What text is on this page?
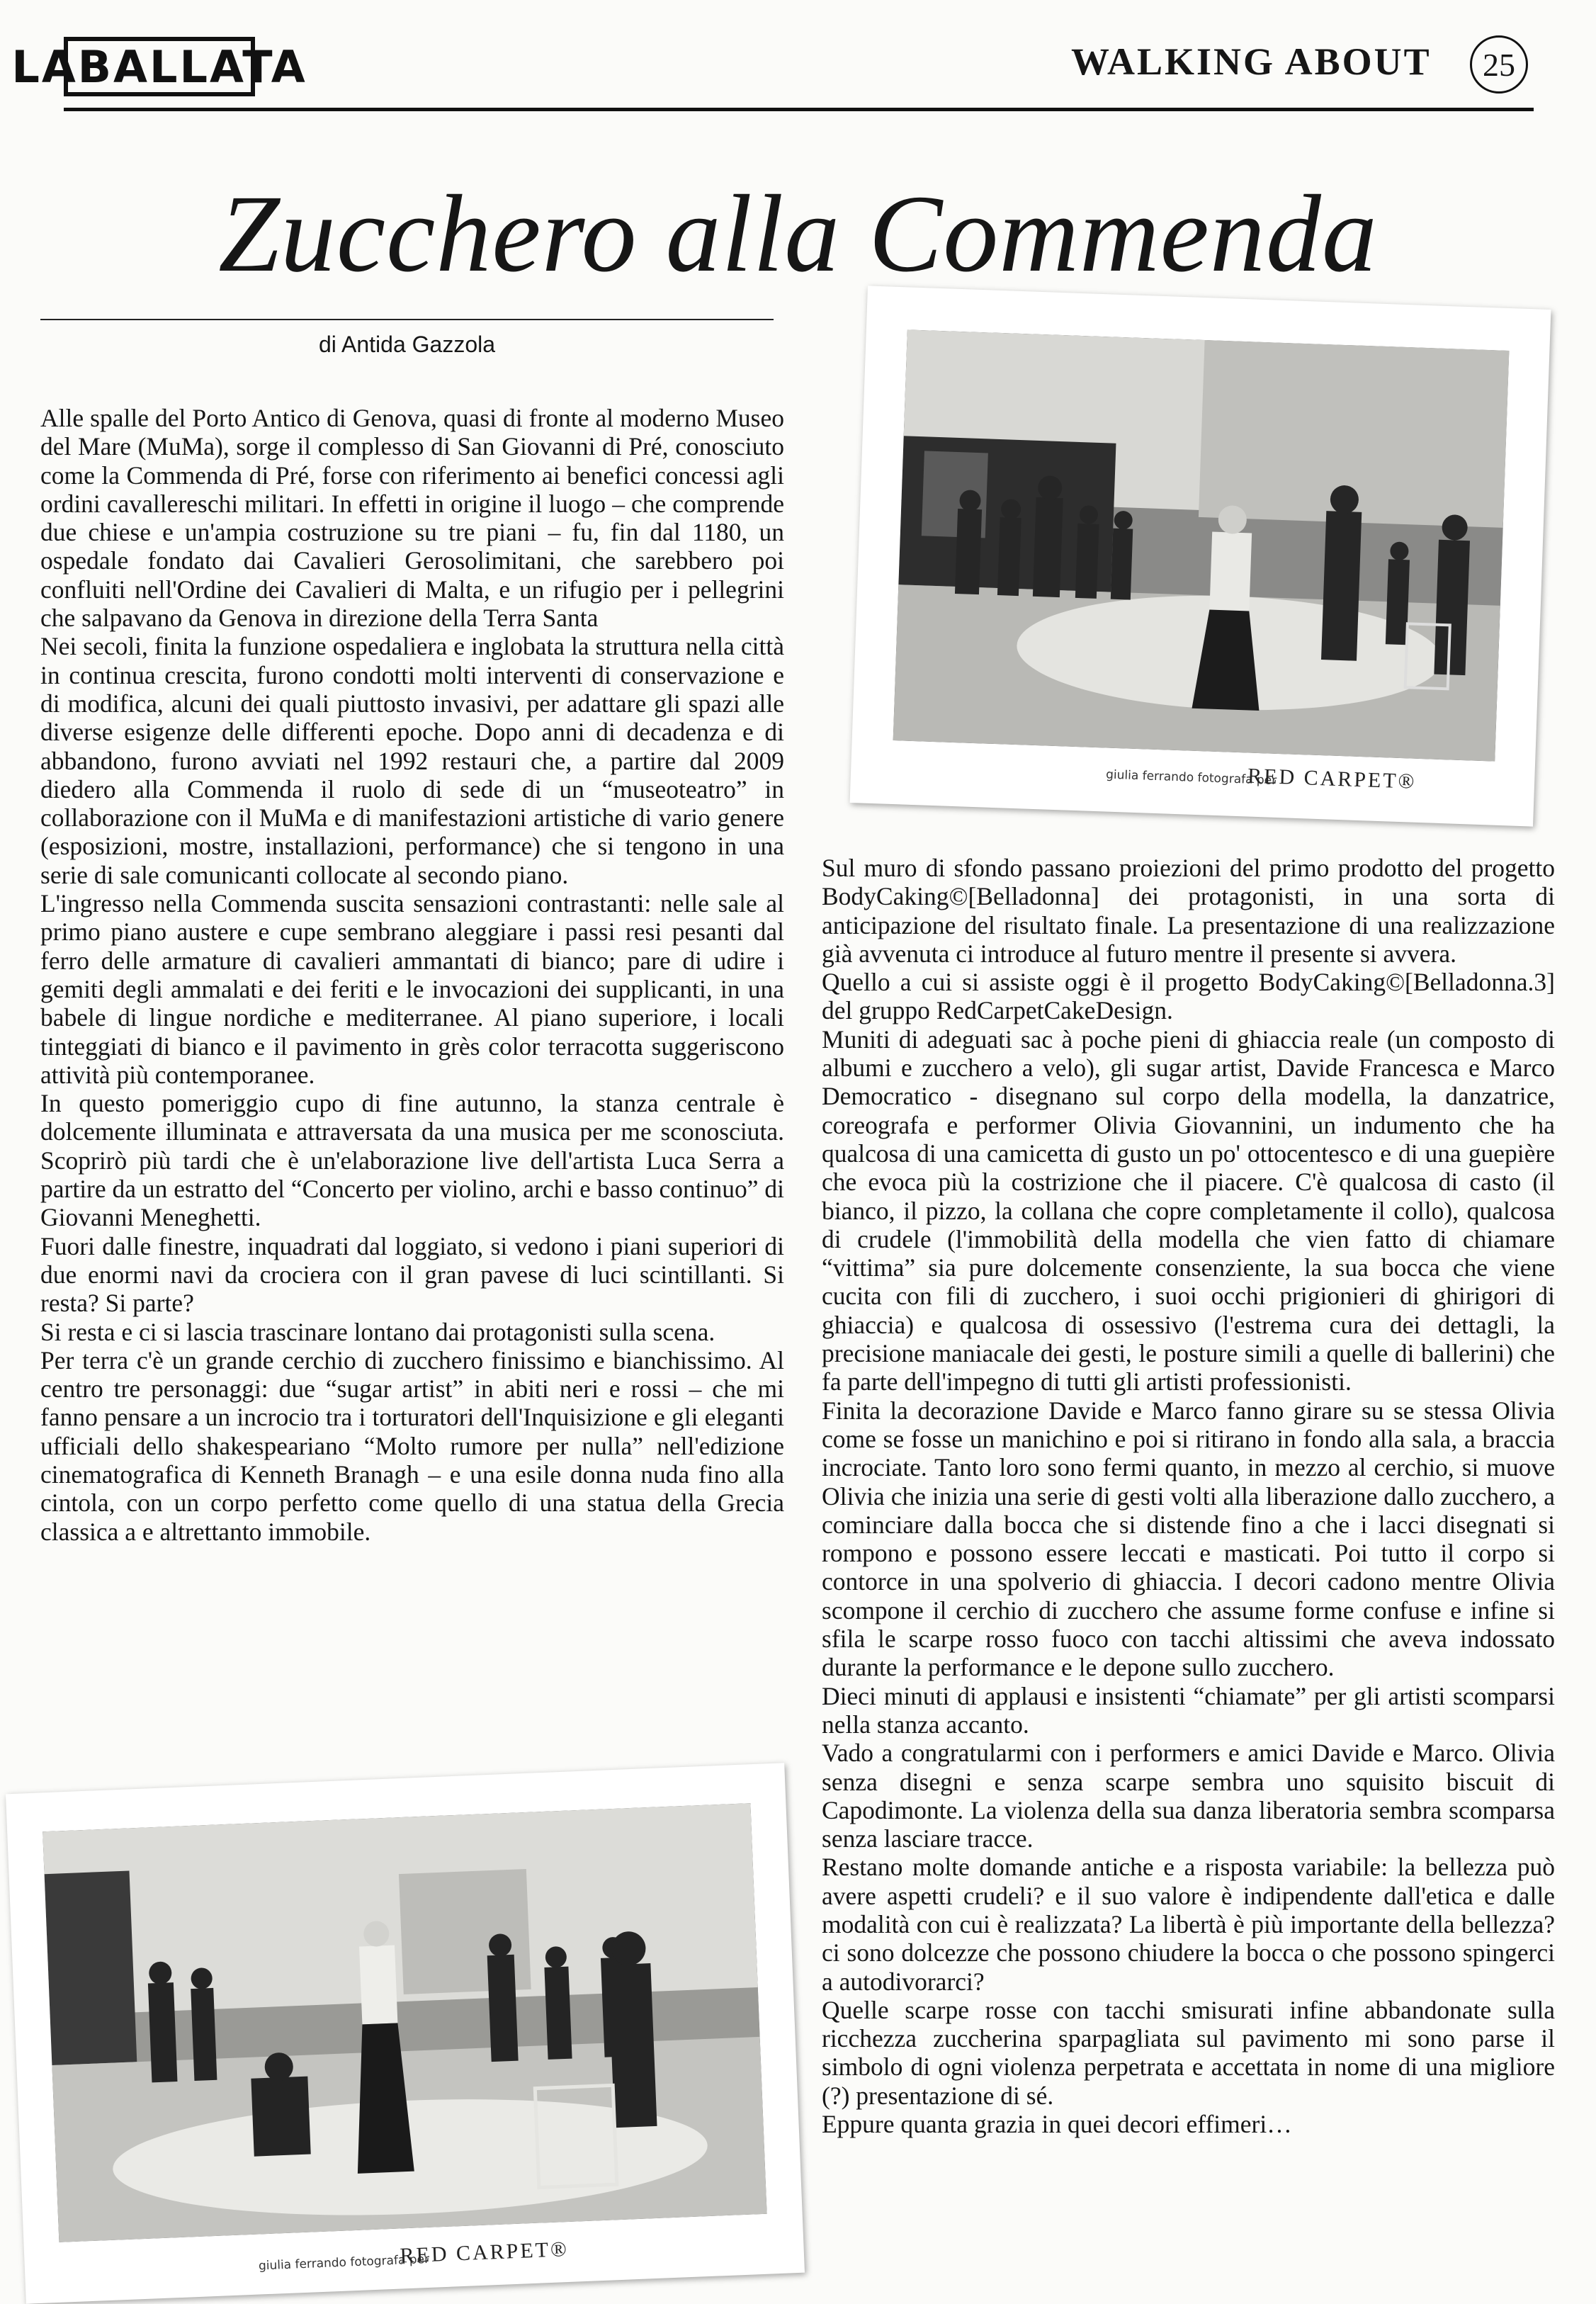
LABALLATA	WALKING ABOUT	25
Zucchero alla Commenda
di Antida Gazzola

Alle spalle del Porto Antico di Genova, quasi di fronte al moderno Museo del Mare (MuMa), sorge il complesso di San Giovanni di Pré, conosciuto come la Commenda di Pré, forse con riferimento ai benefici concessi agli ordini cavallereschi militari. In effetti in origine il luogo – che comprende due chiese e un'ampia costruzione su tre piani – fu, fin dal 1180, un ospedale fondato dai Cavalieri Gerosolimitani, che sarebbero poi confluiti nell'Ordine dei Cavalieri di Malta, e un rifugio per i pellegrini che salpavano da Genova in direzione della Terra Santa

Nei secoli, finita la funzione ospedaliera e inglobata la struttura nella città in continua crescita, furono condotti molti interventi di conservazione e di modifica, alcuni dei quali piuttosto invasivi, per adattare gli spazi alle diverse esigenze delle differenti epoche. Dopo anni di decadenza e di abbandono, furono avviati nel 1992 restauri che, a partire dal 2009 diedero alla Commenda il ruolo di sede di un “museoteatro” in collaborazione con il MuMa e di manifestazioni artistiche di vario genere (esposizioni, mostre, installazioni, performance) che si tengono in una serie di sale comunicanti collocate al secondo piano.

L'ingresso nella Commenda suscita sensazioni contrastanti: nelle sale al primo piano austere e cupe sembrano aleggiare i passi resi pesanti dal ferro delle armature di cavalieri ammantati di bianco; pare di udire i gemiti degli ammalati e dei feriti e le invocazioni dei supplicanti, in una babele di lingue nordiche e mediterranee. Al piano superiore, i locali tinteggiati di bianco e il pavimento in grès color terracotta suggeriscono attività più contemporanee.

In questo pomeriggio cupo di fine autunno, la stanza centrale è dolcemente illuminata e attraversata da una musica per me sconosciuta. Scoprirò più tardi che è un'elaborazione live dell'artista Luca Serra a partire da un estratto del “Concerto per violino, archi e basso continuo” di Giovanni Meneghetti.

Fuori dalle finestre, inquadrati dal loggiato, si vedono i piani superiori di due enormi navi da crociera con il gran pavese di luci scintillanti. Si resta? Si parte?

Si resta e ci si lascia trascinare lontano dai protagonisti sulla scena.

Per terra c'è un grande cerchio di zucchero finissimo e bianchissimo. Al centro tre personaggi: due “sugar artist” in abiti neri e rossi – che mi fanno pensare a un incrocio tra i torturatori dell'Inquisizione e gli eleganti ufficiali dello shakespeariano “Molto rumore per nulla” nell'edizione cinematografica di Kenneth Branagh – e una esile donna nuda fino alla cintola, con un corpo perfetto come quello di una statua della Grecia classica a e altrettanto immobile.

Sul muro di sfondo passano proiezioni del primo prodotto del progetto BodyCaking©[Belladonna] dei protagonisti, in una sorta di anticipazione del risultato finale. La presentazione di una realizzazione già avvenuta ci introduce al futuro mentre il presente si avvera.

Quello a cui si assiste oggi è il progetto BodyCaking©[Belladonna.3] del gruppo RedCarpetCakeDesign.

Muniti di adeguati sac à poche pieni di ghiaccia reale (un composto di albumi e zucchero a velo), gli sugar artist, Davide Francesca e Marco Democratico - disegnano sul corpo della modella, la danzatrice, coreografa e performer Olivia Giovannini, un indumento che ha qualcosa di una camicetta di gusto un po' ottocentesco e di una guepière che evoca più la costrizione che il piacere. C'è qualcosa di casto (il bianco, il pizzo, la collana che copre completamente il collo), qualcosa di crudele (l'immobilità della modella che vien fatto di chiamare “vittima” sia pure dolcemente consenziente, la sua bocca che viene cucita con fili di zucchero, i suoi occhi prigionieri di ghirigori di ghiaccia) e qualcosa di ossessivo (l'estrema cura dei dettagli, la precisione maniacale dei gesti, le posture simili a quelle di ballerini) che fa parte dell'impegno di tutti gli artisti professionisti.

Finita la decorazione Davide e Marco fanno girare su se stessa Olivia come se fosse un manichino e poi si ritirano in fondo alla sala, a braccia incrociate. Tanto loro sono fermi quanto, in mezzo al cerchio, si muove Olivia che inizia una serie di gesti volti alla liberazione dallo zucchero, a cominciare dalla bocca che si distende fino a che i lacci disegnati si rompono e possono essere leccati e masticati. Poi tutto il corpo si contorce in una spolverio di ghiaccia. I decori cadono mentre Olivia scompone il cerchio di zucchero che assume forme confuse e infine si sfila le scarpe rosso fuoco con tacchi altissimi che aveva indossato durante la performance e le depone sullo zucchero.

Dieci minuti di applausi e insistenti “chiamate” per gli artisti scomparsi nella stanza accanto.

Vado a congratularmi con i performers e amici Davide e Marco. Olivia senza disegni e senza scarpe sembra uno squisito biscuit di Capodimonte. La violenza della sua danza liberatoria sembra scomparsa senza lasciare tracce.

Restano molte domande antiche e a risposta variabile: la bellezza può avere aspetti crudeli? e il suo valore è indipendente dall'etica e dalle modalità con cui è realizzata? La libertà è più importante della bellezza? ci sono dolcezze che possono chiudere la bocca o che possono spingerci a autodivorarci?

Quelle scarpe rosse con tacchi smisurati infine abbandonate sulla ricchezza zuccherina sparpagliata sul pavimento mi sono parse il simbolo di ogni violenza perpetrata e accettata in nome di una migliore (?) presentazione di sé.

Eppure quanta grazia in quei decori effimeri…

giulia ferrando fotografa per
RED CARPET®
giulia ferrando fotografa per
RED CARPET®
